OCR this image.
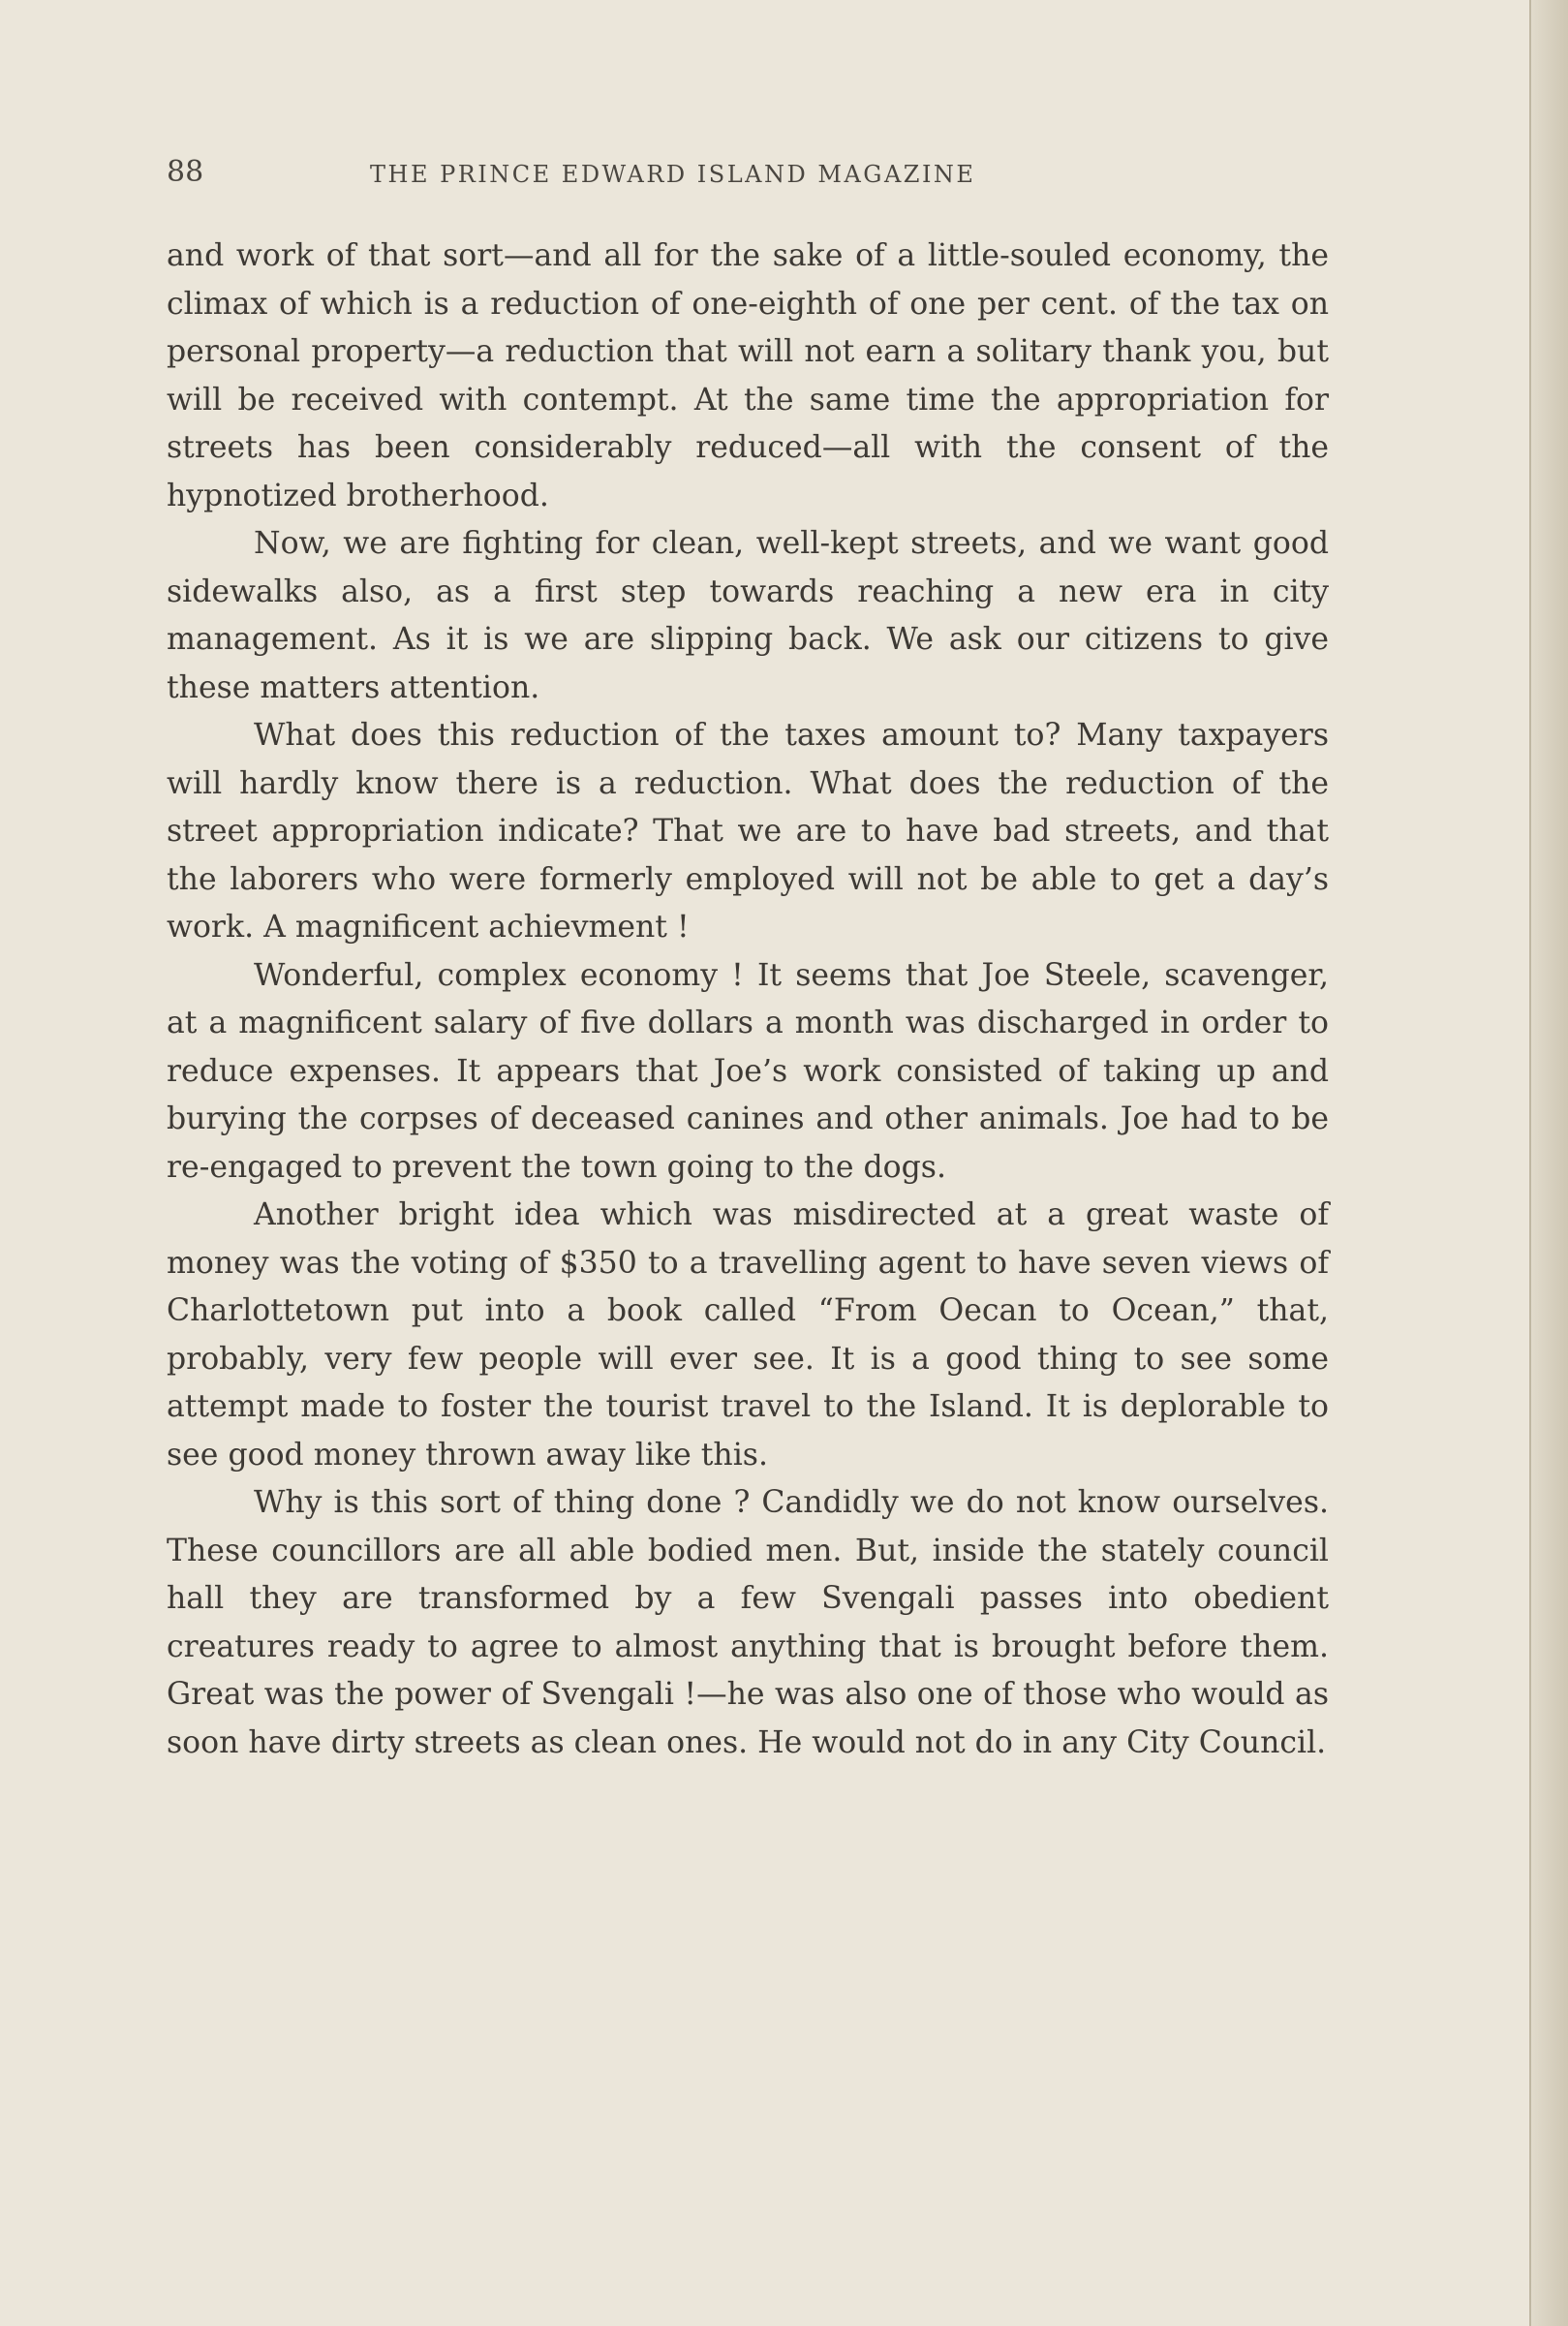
88	THE PRINCE EDWARD ISLAND MAGAZINE

and work of that sort—and all for the sake of a little-souled economy, the climax of which is a reduction of one-eighth of one per cent. of the tax on personal property—a reduction that will not earn a solitary thank you, but will be received with contempt. At the same time the appropriation for streets has been considerably reduced—all with the consent of the hypnotized brotherhood.

Now, we are fighting for clean, well-kept streets, and we want good sidewalks also, as a first step towards reaching a new era in city management. As it is we are slipping back. We ask our citizens to give these matters attention.

What does this reduction of the taxes amount to? Many taxpayers will hardly know there is a reduction. What does the reduction of the street appropriation indicate? That we are to have bad streets, and that the laborers who were formerly employed will not be able to get a day’s work. A magnificent achievment !

Wonderful, complex economy ! It seems that Joe Steele, scavenger, at a magnificent salary of five dollars a month was discharged in order to reduce expenses. It appears that Joe’s work consisted of taking up and burying the corpses of deceased canines and other animals. Joe had to be re-engaged to prevent the town going to the dogs.

Another bright idea which was misdirected at a great waste of money was the voting of $350 to a travelling agent to have seven views of Charlottetown put into a book called “From Oecan to Ocean,” that, probably, very few people will ever see. It is a good thing to see some attempt made to foster the tourist travel to the Island. It is deplorable to see good money thrown away like this.

Why is this sort of thing done ? Candidly we do not know ourselves. These councillors are all able bodied men. But, inside the stately council hall they are transformed by a few Svengali passes into obedient creatures ready to agree to almost anything that is brought before them. Great was the power of Svengali !—he was also one of those who would as soon have dirty streets as clean ones. He would not do in any City Council.
